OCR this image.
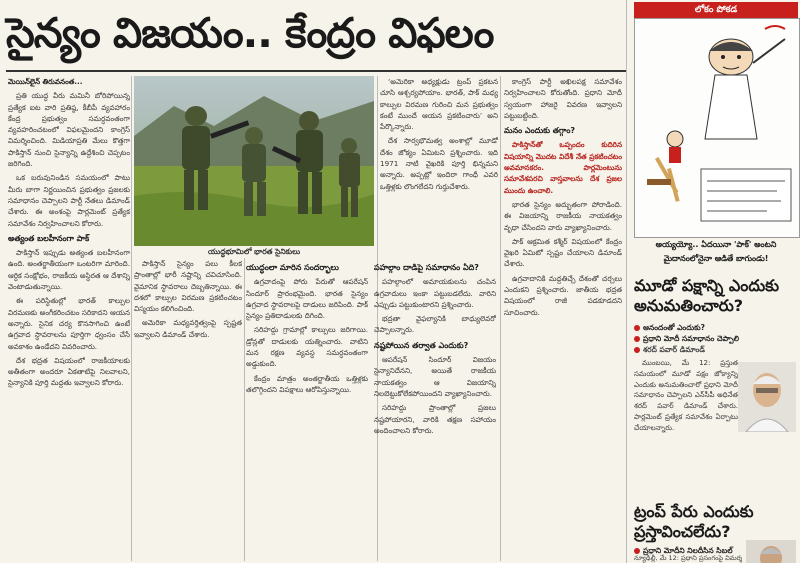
సైన్యం విజయం.. కేంద్రం విఫలం

మెయిన్‌లైన్ తిరువనంత...

ప్రతి యుద్ధ వీరు మమినీ బోరిపోయిన్న ప్రత్యేక ఐట వారి ప్రతిష్ఠ, కీబీపీ వ్యవహారం కేంద్ర ప్రభుత్వం సమర్ధవంతంగా వ్యవహరించటంలో విఫలమైందని కాంగ్రెస్ విమర్శించింది. మిడియాప్రతి మేలు కొత్తగా పాకిస్తాన్ నుంచి సైన్యాన్ని ఉద్దేశించి చెప్పటం జరిగింది.

ఒక బరువునిండిన సమయంలో పాటు మీరు బాగా నిర్ణయించిన ప్రభుత్వం ప్రజలకు సమాధానం చెప్పాలని పార్టీ నేతలు డిమాండ్ చేశారు. ఈ అంశంపై పార్లమెంట్ ప్రత్యేక సమావేశం నిర్వహించాలని కోరారు.

అత్యంత బలహీనంగా పాక్

పాకిస్తాన్ ఇప్పుడు అత్యంత బలహీనంగా ఉంది. అంతర్జాతీయంగా ఒంటరిగా మారింది. ఆర్ధిక సంక్షోభం, రాజకీయ అస్థిరత ఆ దేశాన్ని వెంటాడుతున్నాయి.

ఈ పరిస్థితుల్లో భారత్ కాల్పుల విరమణకు అంగీకరించటం సరికాదని ఆయన అన్నారు. సైనిక చర్య కొనసాగించి ఉంటే ఉగ్రవాద స్థావరాలను పూర్తిగా ధ్వంసం చేసే అవకాశం ఉండేదని వివరించారు.

దేశ భద్రత విషయంలో రాజకీయాలకు అతీతంగా అందరూ ఏకతాటిపై నిలవాలని, సైన్యానికి పూర్తి మద్దతు ఇవ్వాలని కోరారు.

యుద్ధభూమిలో భారత సైనికులు

‘అమెరికా అధ్యక్షుడు ట్రంప్ ప్రకటన చూసి ఆశ్చర్యపోయాం. భారత్, పాక్ మధ్య కాల్పుల విరమణ గురించి మన ప్రభుత్వం కంటే ముందే ఆయన ప్రకటించారు’ అని పేర్కొన్నారు.

దేశ సార్వభౌమత్వ అంశాల్లో మూడో దేశం జోక్యం ఏమిటని ప్రశ్నించారు. ఇది 1971 నాటి వైఖరికి పూర్తి భిన్నమని అన్నారు. అప్పట్లో ఇందిరా గాంధీ ఎవరి ఒత్తిళ్లకు లొంగలేదని గుర్తుచేశారు.

యుద్ధంలా మారిన సందర్భాలు

ఉగ్రవాదంపై పోరు పేరుతో ఆపరేషన్ సిందూర్ ప్రారంభమైంది. భారత సైన్యం ఉగ్రవాద స్థావరాలపై దాడులు జరిపింది. పాక్ సైన్యం ప్రతిదాడులకు దిగింది.

సరిహద్దు గ్రామాల్లో కాల్పులు జరిగాయి. డ్రోన్లతో దాడులకు యత్నించారు. వాటిని మన రక్షణ వ్యవస్థ సమర్ధవంతంగా అడ్డుకుంది.

కేంద్రం మాత్రం అంతర్జాతీయ ఒత్తిళ్లకు తలొగ్గిందని విపక్షాలు ఆరోపిస్తున్నాయి.

పాకిస్తాన్ సైన్యం పలు కీలక ప్రాంతాల్లో భారీ నష్టాన్ని చవిచూసింది. వైమానిక స్థావరాలు దెబ్బతిన్నాయి. ఈ దశలో కాల్పుల విరమణ ప్రకటించటం విస్మయం కలిగించింది.

అమెరికా మధ్యవర్తిత్వంపై స్పష్టత ఇవ్వాలని డిమాండ్ చేశారు.

పహల్గాం దాడిపై సమాధానం ఏది?

పహల్గాంలో అమాయకులను చంపిన ఉగ్రవాదులు ఇంకా పట్టుబడలేదు. వారిని ఎప్పుడు పట్టుకుంటారని ప్రశ్నించారు.

భద్రతా వైఫల్యానికి బాధ్యులెవరో చెప్పాలన్నారు.

నష్టపోయిన తర్వాత ఎందుకు?

ఆపరేషన్ సిందూర్ విజయం సైన్యానిదేనని, అయితే రాజకీయ నాయకత్వం ఆ విజయాన్ని నిలబెట్టుకోలేకపోయిందని వ్యాఖ్యానించారు.

సరిహద్దు ప్రాంతాల్లో ప్రజలు నష్టపోయారని, వారికి తక్షణ సహాయం అందించాలని కోరారు.

కాంగ్రెస్ పార్టీ అఖిలపక్ష సమావేశం నిర్వహించాలని కోరుతోంది. ప్రధాని మోదీ స్వయంగా హాజరై వివరణ ఇవ్వాలని పట్టుబట్టింది.

మనం ఎందుకు తగ్గాం?

పాకిస్తాన్‌తో ఒప్పందం కుదిరిన విషయాన్ని మొదట విదేశీ నేత ప్రకటించటం అవమానకరం. పార్లమెంటును సమావేశపరచి వాస్తవాలను దేశ ప్రజల ముందు ఉంచాలి.

భారత సైన్యం అద్భుతంగా పోరాడింది. ఈ విజయాన్ని రాజకీయ నాయకత్వం వృధా చేసిందని వారు వ్యాఖ్యానించారు.

పాక్ ఆక్రమిత కశ్మీర్ విషయంలో కేంద్రం వైఖరి ఏమిటో స్పష్టం చేయాలని డిమాండ్ చేశారు.

ఉగ్రవాదానికి మద్దతిచ్చే దేశంతో చర్చలు ఎందుకని ప్రశ్నించారు. జాతీయ భద్రత విషయంలో రాజీ పడకూడదని సూచించారు.

లోకం పోకడ
అయ్యయ్యో.. ఏదయినా 'పాక్' అంటని మైదానంలోనైనా ఆడితే బాగుండు!
మూడో పక్షాన్ని ఎందుకు అనుమతించారు?
ఆనందంతో ఎందుకు?
ప్రధాని మోదీ సమాధానం చెప్పాలి
శరద్ పవార్ డిమాండ్

ముంబయి, మే 12: ప్రస్తుత సమయంలో మూడో పక్షం జోక్యాన్ని ఎందుకు అనుమతించారో ప్రధాని మోదీ సమాధానం చెప్పాలని ఎన్‌సీపీ అధినేత శరద్ పవార్ డిమాండ్ చేశారు. పార్లమెంట్ ప్రత్యేక సమావేశం ఏర్పాటు చేయాలన్నారు.

ట్రంప్ పేరు ఎందుకు ప్రస్తావించలేదు?
ప్రధాని మోదీని నిలదీసిన సిబల్
న్యూఢిల్లీ, మే 12: ప్రధాని ప్రసంగంపై విమర్శ
